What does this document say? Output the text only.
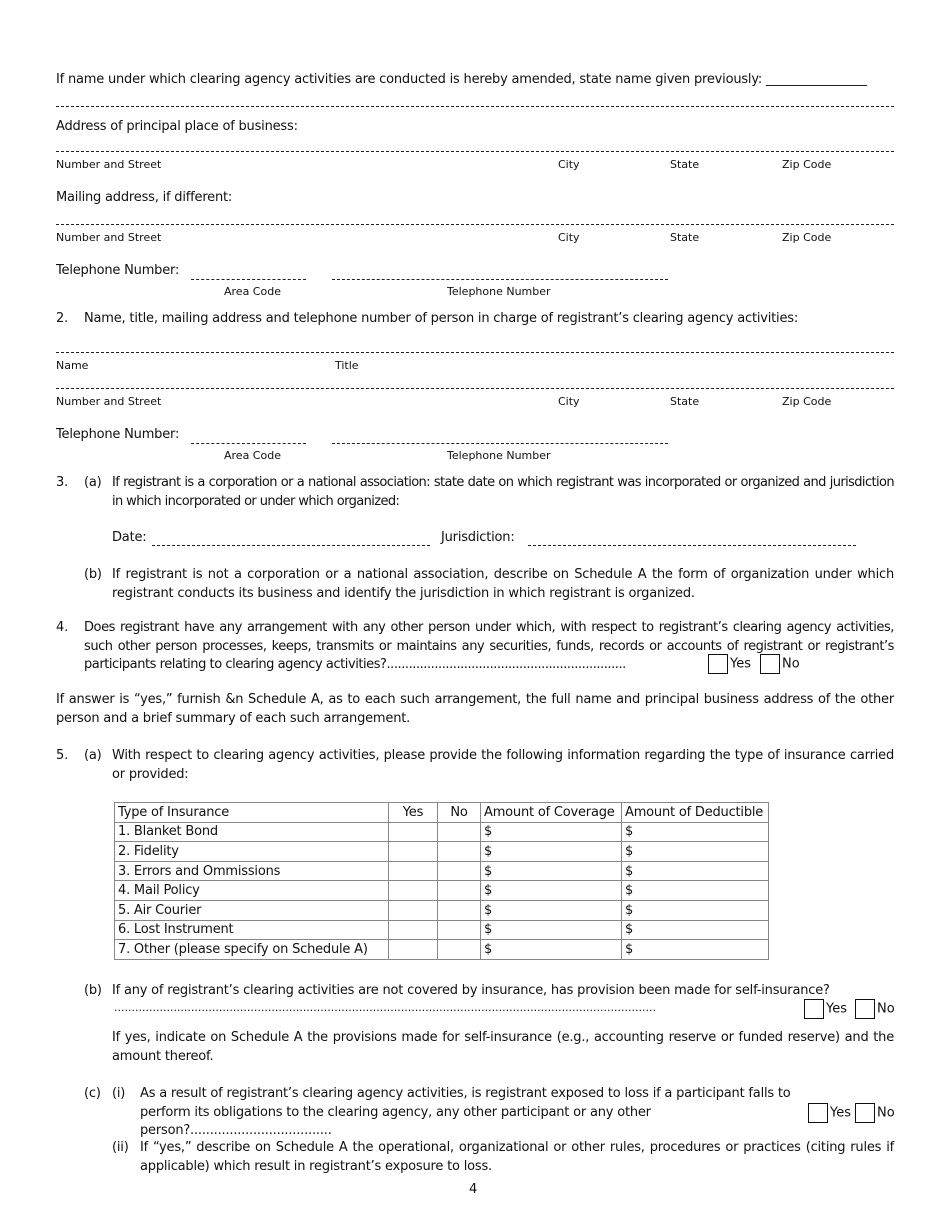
If name under which clearing agency activities are conducted is hereby amended, state name given previously: ________________
Address of principal place of business:
Number and Street	City	State	Zip Code
Mailing address, if different:
Number and Street	City	State	Zip Code
Telephone Number:
Area Code	Telephone Number
2. Name, title, mailing address and telephone number of person in charge of registrant’s clearing agency activities:
Name	Title
Number and Street	City	State	Zip Code
Telephone Number:
Area Code	Telephone Number
3. (a) If registrant is a corporation or a national association: state date on which registrant was incorporated or organized and jurisdiction in which incorporated or under which organized:
Date:	Jurisdiction:
(b) If registrant is not a corporation or a national association, describe on Schedule A the form of organization under which registrant conducts its business and identify the jurisdiction in which registrant is organized.
4. Does registrant have any arrangement with any other person under which, with respect to registrant’s clearing agency activities, such other person processes, keeps, transmits or maintains any securities, funds, records or accounts of registrant or registrant’s participants relating to clearing agency activities?.................................................................	Yes	No
If answer is “yes,” furnish &n Schedule A, as to each such arrangement, the full name and principal business address of the other person and a brief summary of each such arrangement.
5. (a) With respect to clearing agency activities, please provide the following information regarding the type of insurance carried or provided:
Type of Insurance	Yes	No	Amount of Coverage	Amount of Deductible
1. Blanket Bond			$	$
2. Fidelity			$	$
3. Errors and Ommissions			$	$
4. Mail Policy			$	$
5. Air Courier			$	$
6. Lost Instrument			$	$
7. Other (please specify on Schedule A)			$	$
(b) If any of registrant’s clearing activities are not covered by insurance, has provision been made for self-insurance?
...........................................................................................................................................................	Yes	No
If yes, indicate on Schedule A the provisions made for self-insurance (e.g., accounting reserve or funded reserve) and the amount thereof.
(c) (i) As a result of registrant’s clearing agency activities, is registrant exposed to loss if a participant falls to perform its obligations to the clearing agency, any other participant or any other person?....................................
Yes	No
(ii) If “yes,” describe on Schedule A the operational, organizational or other rules, procedures or practices (citing rules if applicable) which result in registrant’s exposure to loss.
4
